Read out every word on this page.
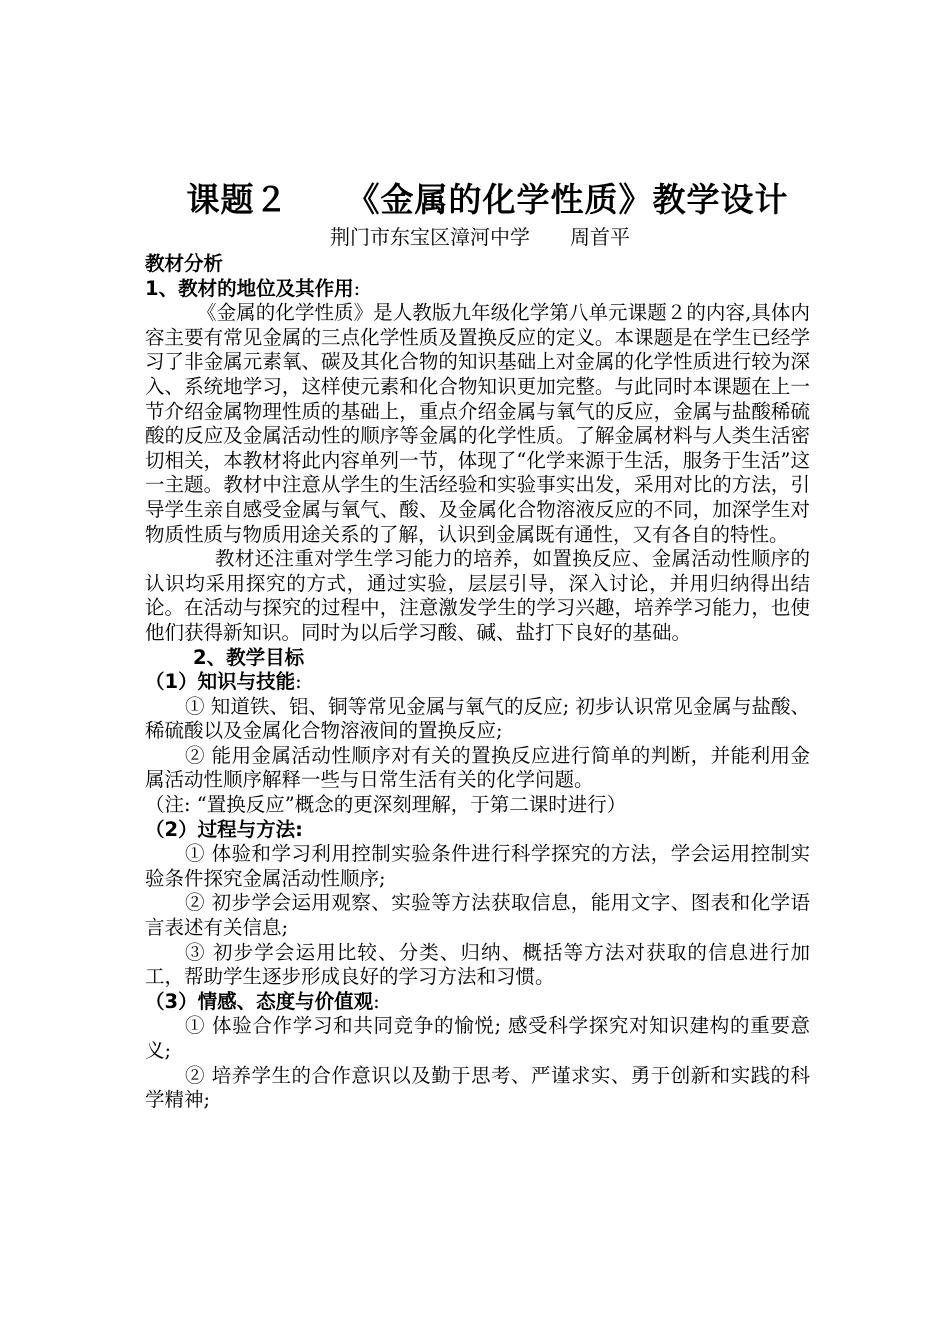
课题２ 《金属的化学性质》教学设计
荆门市东宝区漳河中学 周首平
教材分析
1、教材的地位及其作用:

《金属的化学性质》是人教版九年级化学第八单元课题２的内容,具体内容主要有常见金属的三点化学性质及置换反应的定义。本课题是在学生已经学习了非金属元素氧、碳及其化合物的知识基础上对金属的化学性质进行较为深入、系统地学习，这样使元素和化合物知识更加完整。与此同时本课题在上一节介绍金属物理性质的基础上，重点介绍金属与氧气的反应，金属与盐酸稀硫酸的反应及金属活动性的顺序等金属的化学性质。了解金属材料与人类生活密切相关，本教材将此内容单列一节，体现了“化学来源于生活，服务于生活”这一主题。教材中注意从学生的生活经验和实验事实出发，采用对比的方法，引导学生亲自感受金属与氧气、酸、及金属化合物溶液反应的不同，加深学生对物质性质与物质用途关系的了解，认识到金属既有通性，又有各自的特性。

教材还注重对学生学习能力的培养，如置换反应、金属活动性顺序的认识均采用探究的方式，通过实验，层层引导，深入讨论，并用归纳得出结论。在活动与探究的过程中，注意激发学生的学习兴趣，培养学习能力，也使他们获得新知识。同时为以后学习酸、碱、盐打下良好的基础。

2、教学目标
（1）知识与技能:

① 知道铁、铝、铜等常见金属与氧气的反应; 初步认识常见金属与盐酸、稀硫酸以及金属化合物溶液间的置换反应;

② 能用金属活动性顺序对有关的置换反应进行简单的判断，并能利用金属活动性顺序解释一些与日常生活有关的化学问题。

（注: “置换反应”概念的更深刻理解，于第二课时进行）

（2）过程与方法:

① 体验和学习利用控制实验条件进行科学探究的方法，学会运用控制实验条件探究金属活动性顺序;

② 初步学会运用观察、实验等方法获取信息，能用文字、图表和化学语言表述有关信息;

③ 初步学会运用比较、分类、归纳、概括等方法对获取的信息进行加工，帮助学生逐步形成良好的学习方法和习惯。

（3）情感、态度与价值观:

① 体验合作学习和共同竞争的愉悦; 感受科学探究对知识建构的重要意义;

② 培养学生的合作意识以及勤于思考、严谨求实、勇于创新和实践的科学精神;
